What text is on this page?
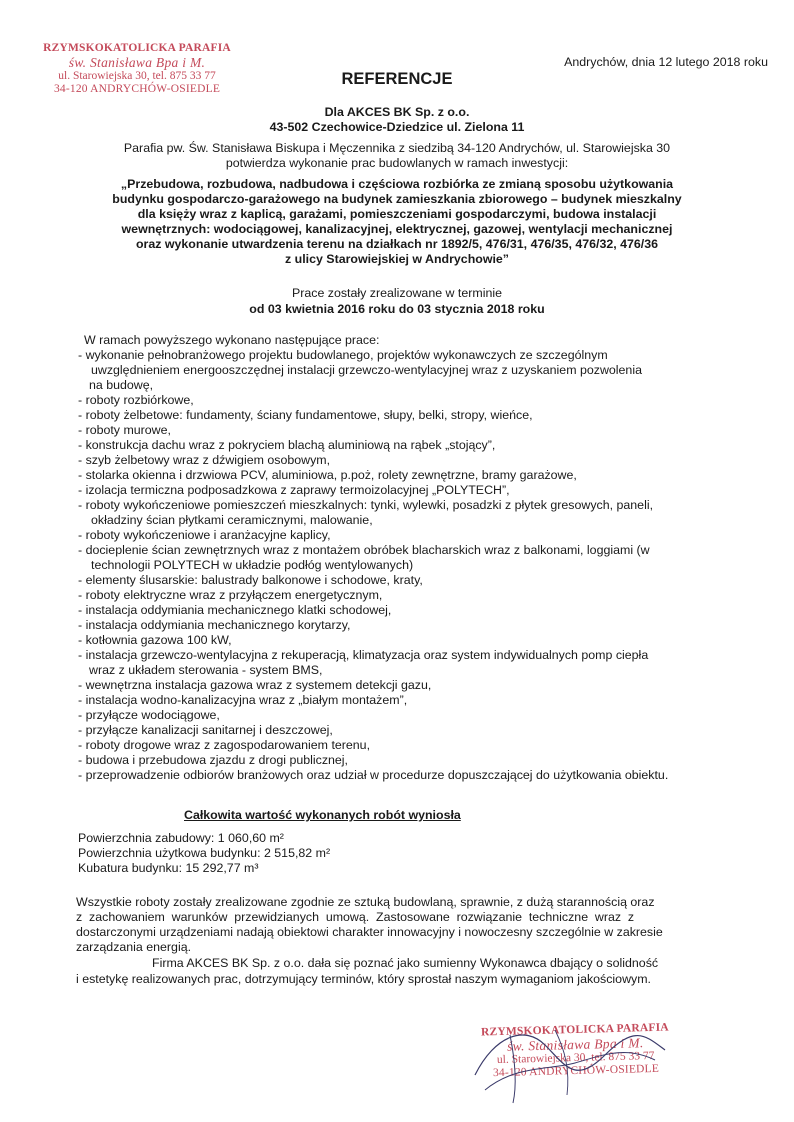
RZYMSKOKATOLICKA PARAFIA
św. Stanisława Bpa i M.
ul. Starowiejska 30, tel. 875 33 77
34-120 ANDRYCHÓW-OSIEDLE
Andrychów, dnia 12 lutego 2018 roku
REFERENCJE
Dla AKCES BK Sp. z o.o.
43-502 Czechowice-Dziedzice ul. Zielona 11
Parafia pw. Św. Stanisława Biskupa i Męczennika z siedzibą 34-120 Andrychów, ul. Starowiejska 30
potwierdza wykonanie prac budowlanych w ramach inwestycji:
„Przebudowa, rozbudowa, nadbudowa i częściowa rozbiórka ze zmianą sposobu użytkowania
budynku gospodarczo-garażowego na budynek zamieszkania zbiorowego – budynek mieszkalny
dla księży wraz z kaplicą, garażami, pomieszczeniami gospodarczymi, budowa instalacji
wewnętrznych: wodociągowej, kanalizacyjnej, elektrycznej, gazowej, wentylacji mechanicznej
oraz wykonanie utwardzenia terenu na działkach nr 1892/5, 476/31, 476/35, 476/32, 476/36
z ulicy Starowiejskiej w Andrychowie”
Prace zostały zrealizowane w terminie
od 03 kwietnia 2016 roku do 03 stycznia 2018 roku
W ramach powyższego wykonano następujące prace:
- wykonanie pełnobranżowego projektu budowlanego, projektów wykonawczych ze szczególnym
uwzględnieniem energooszczędnej instalacji grzewczo-wentylacyjnej wraz z uzyskaniem pozwolenia
na budowę,
- roboty rozbiórkowe,
- roboty żelbetowe: fundamenty, ściany fundamentowe, słupy, belki, stropy, wieńce,
- roboty murowe,
- konstrukcja dachu wraz z pokryciem blachą aluminiową na rąbek „stojący”,
- szyb żelbetowy wraz z dźwigiem osobowym,
- stolarka okienna i drzwiowa PCV, aluminiowa, p.poż, rolety zewnętrzne, bramy garażowe,
- izolacja termiczna podposadzkowa z zaprawy termoizolacyjnej „POLYTECH”,
- roboty wykończeniowe pomieszczeń mieszkalnych: tynki, wylewki, posadzki z płytek gresowych, paneli,
okładziny ścian płytkami ceramicznymi, malowanie,
- roboty wykończeniowe i aranżacyjne kaplicy,
- docieplenie ścian zewnętrznych wraz z montażem obróbek blacharskich wraz z balkonami, loggiami (w
technologii POLYTECH w układzie podłóg wentylowanych)
- elementy ślusarskie: balustrady balkonowe i schodowe, kraty,
- roboty elektryczne wraz z przyłączem energetycznym,
- instalacja oddymiania mechanicznego klatki schodowej,
- instalacja oddymiania mechanicznego korytarzy,
- kotłownia gazowa 100 kW,
- instalacja grzewczo-wentylacyjna z rekuperacją, klimatyzacja oraz system indywidualnych pomp ciepła
wraz z układem sterowania - system BMS,
- wewnętrzna instalacja gazowa wraz z systemem detekcji gazu,
- instalacja wodno-kanalizacyjna wraz z „białym montażem”,
- przyłącze wodociągowe,
- przyłącze kanalizacji sanitarnej i deszczowej,
- roboty drogowe wraz z zagospodarowaniem terenu,
- budowa i przebudowa zjazdu z drogi publicznej,
- przeprowadzenie odbiorów branżowych oraz udział w procedurze dopuszczającej do użytkowania obiektu.
Całkowita wartość wykonanych robót wyniosła
Powierzchnia zabudowy: 1 060,60 m²
Powierzchnia użytkowa budynku: 2 515,82 m²
Kubatura budynku: 15 292,77 m³
Wszystkie roboty zostały zrealizowane zgodnie ze sztuką budowlaną, sprawnie, z dużą starannością oraz
z zachowaniem warunków przewidzianych umową. Zastosowane rozwiązanie techniczne wraz z
dostarczonymi urządzeniami nadają obiektowi charakter innowacyjny i nowoczesny szczególnie w zakresie
zarządzania energią.
Firma AKCES BK Sp. z o.o. dała się poznać jako sumienny Wykonawca dbający o solidność
i estetykę realizowanych prac, dotrzymujący terminów, który sprostał naszym wymaganiom jakościowym.
RZYMSKOKATOLICKA PARAFIA
św. Stanisława Bpa i M.
ul. Starowiejska 30, tel. 875 33 77
34-120 ANDRYCHÓW-OSIEDLE
